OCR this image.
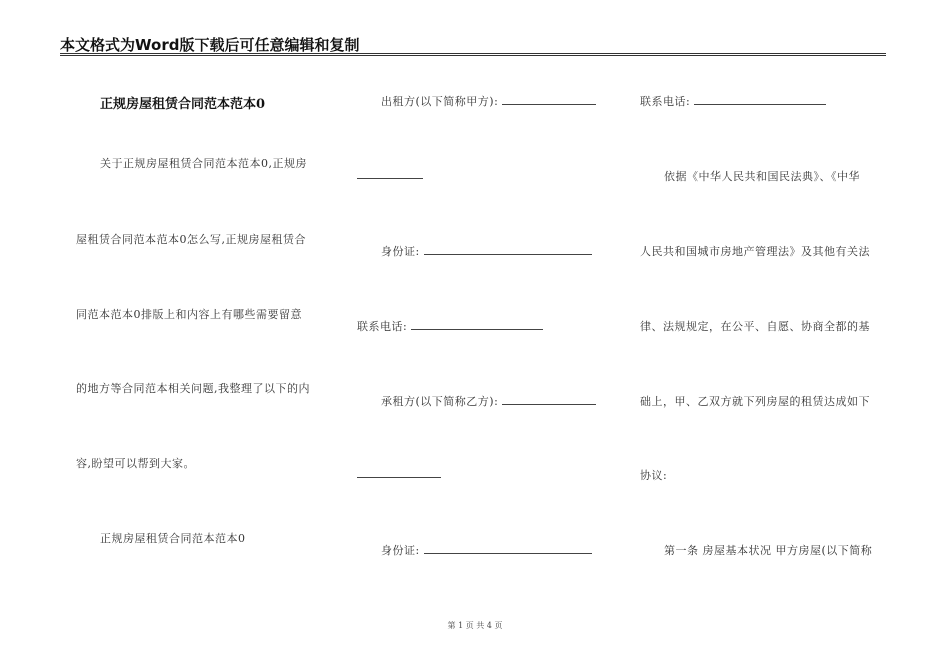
本文格式为Word版下载后可任意编辑和复制
正规房屋租赁合同范本范本0
关于正规房屋租赁合同范本范本0,正规房
屋租赁合同范本范本0怎么写,正规房屋租赁合
同范本范本0排版上和内容上有哪些需要留意
的地方等合同范本相关问题,我整理了以下的内
容,盼望可以帮到大家。
正规房屋租赁合同范本范本0
出租方(以下简称甲方):
身份证:
联系电话:
承租方(以下简称乙方):
身份证:
联系电话:
依据《中华人民共和国民法典》、《中华
人民共和国城市房地产管理法》及其他有关法
律、法规规定，在公平、自愿、协商全都的基
础上，甲、乙双方就下列房屋的租赁达成如下
协议:
第一条 房屋基本状况 甲方房屋(以下简称
第 1 页 共 4 页
